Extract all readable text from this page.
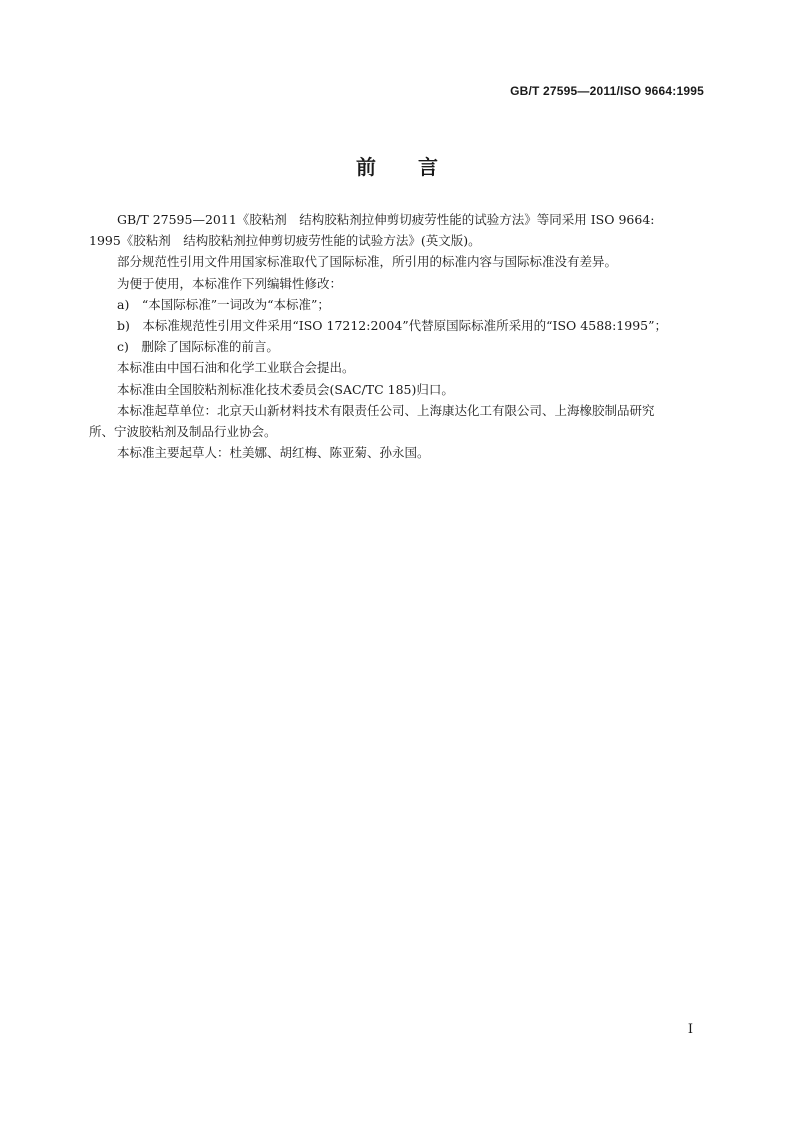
GB/T 27595—2011/ISO 9664:1995
前言

GB/T 27595—2011《胶粘剂　结构胶粘剂拉伸剪切疲劳性能的试验方法》等同采用 ISO 9664:

1995《胶粘剂　结构胶粘剂拉伸剪切疲劳性能的试验方法》(英文版)。

部分规范性引用文件用国家标准取代了国际标准，所引用的标准内容与国际标准没有差异。

为便于使用，本标准作下列编辑性修改：

a)　“本国际标准”一词改为“本标准”；

b)　本标准规范性引用文件采用“ISO 17212:2004”代替原国际标准所采用的“ISO 4588:1995”；

c)　删除了国际标准的前言。

本标准由中国石油和化学工业联合会提出。

本标准由全国胶粘剂标准化技术委员会(SAC/TC 185)归口。

本标准起草单位：北京天山新材料技术有限责任公司、上海康达化工有限公司、上海橡胶制品研究

所、宁波胶粘剂及制品行业协会。

本标准主要起草人：杜美娜、胡红梅、陈亚菊、孙永国。

I
